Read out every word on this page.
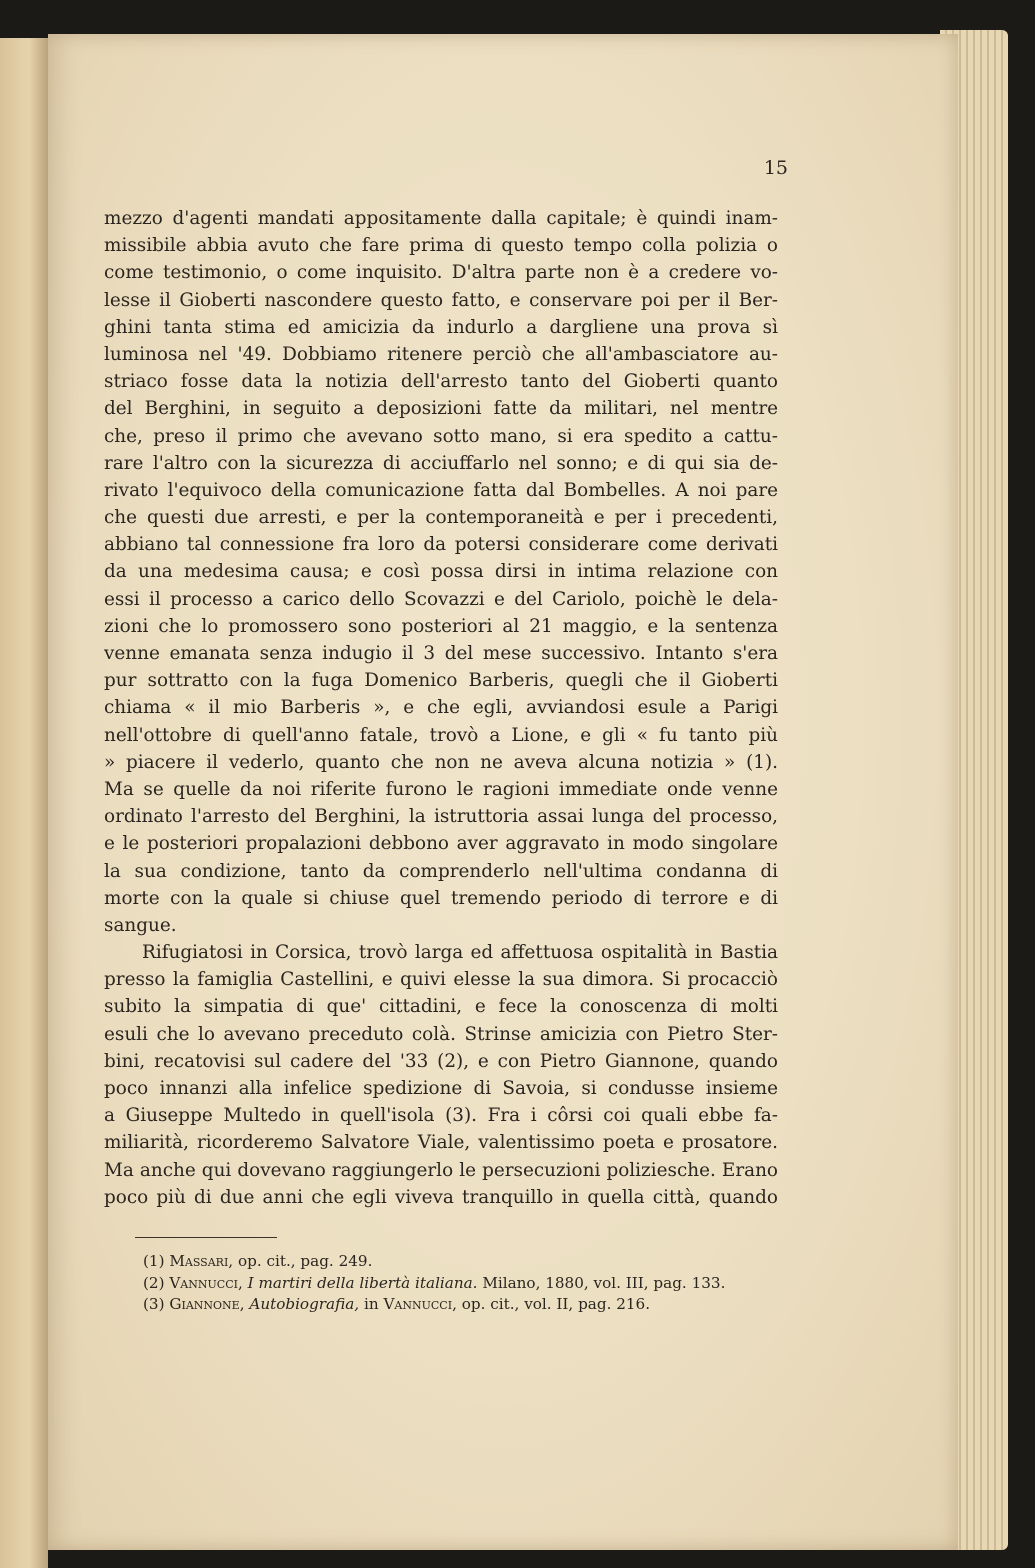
15
mezzo d'agenti mandati appositamente dalla capitale; è quindi inam-
missibile abbia avuto che fare prima di questo tempo colla polizia o
come testimonio, o come inquisito. D'altra parte non è a credere vo-
lesse il Gioberti nascondere questo fatto, e conservare poi per il Ber-
ghini tanta stima ed amicizia da indurlo a dargliene una prova sì
luminosa nel '49. Dobbiamo ritenere perciò che all'ambasciatore au-
striaco fosse data la notizia dell'arresto tanto del Gioberti quanto
del Berghini, in seguito a deposizioni fatte da militari, nel mentre
che, preso il primo che avevano sotto mano, si era spedito a cattu-
rare l'altro con la sicurezza di acciuffarlo nel sonno; e di qui sia de-
rivato l'equivoco della comunicazione fatta dal Bombelles. A noi pare
che questi due arresti, e per la contemporaneità e per i precedenti,
abbiano tal connessione fra loro da potersi considerare come derivati
da una medesima causa; e così possa dirsi in intima relazione con
essi il processo a carico dello Scovazzi e del Cariolo, poichè le dela-
zioni che lo promossero sono posteriori al 21 maggio, e la sentenza
venne emanata senza indugio il 3 del mese successivo. Intanto s'era
pur sottratto con la fuga Domenico Barberis, quegli che il Gioberti
chiama « il mio Barberis », e che egli, avviandosi esule a Parigi
nell'ottobre di quell'anno fatale, trovò a Lione, e gli « fu tanto più
» piacere il vederlo, quanto che non ne aveva alcuna notizia » (1).
Ma se quelle da noi riferite furono le ragioni immediate onde venne
ordinato l'arresto del Berghini, la istruttoria assai lunga del processo,
e le posteriori propalazioni debbono aver aggravato in modo singolare
la sua condizione, tanto da comprenderlo nell'ultima condanna di
morte con la quale si chiuse quel tremendo periodo di terrore e di
sangue.
Rifugiatosi in Corsica, trovò larga ed affettuosa ospitalità in Bastia
presso la famiglia Castellini, e quivi elesse la sua dimora. Si procacciò
subito la simpatia di que' cittadini, e fece la conoscenza di molti
esuli che lo avevano preceduto colà. Strinse amicizia con Pietro Ster-
bini, recatovisi sul cadere del '33 (2), e con Pietro Giannone, quando
poco innanzi alla infelice spedizione di Savoia, si condusse insieme
a Giuseppe Multedo in quell'isola (3). Fra i côrsi coi quali ebbe fa-
miliarità, ricorderemo Salvatore Viale, valentissimo poeta e prosatore.
Ma anche qui dovevano raggiungerlo le persecuzioni poliziesche. Erano
poco più di due anni che egli viveva tranquillo in quella città, quando
(1) Massari, op. cit., pag. 249.
(2) Vannucci, I martiri della libertà italiana. Milano, 1880, vol. III, pag. 133.
(3) Giannone, Autobiografia, in Vannucci, op. cit., vol. II, pag. 216.
